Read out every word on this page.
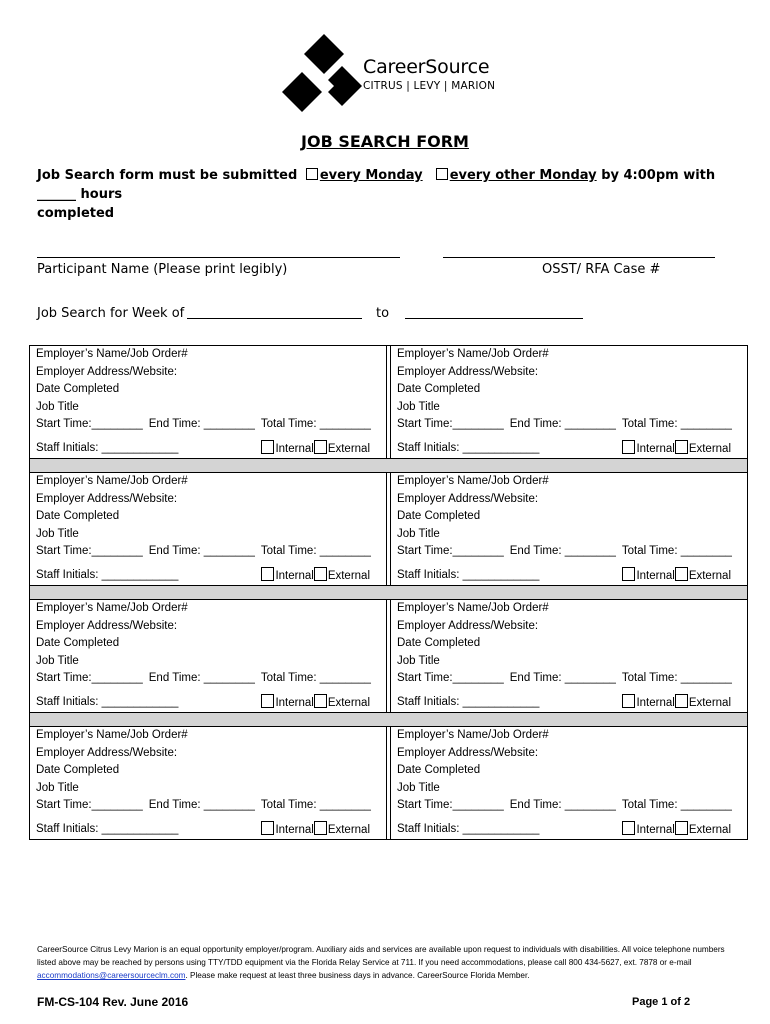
CareerSource
CITRUS | LEVY | MARION
JOB SEARCH FORM
Job Search form must be submitted every Monday every other Monday by 4:00pm with ______ hours
completed
Participant Name (Please print legibly)	OSST/ RFA Case #
Job Search for Week of	to
Employer’s Name/Job Order#
Employer Address/Website:
Date Completed
Job Title
Start Time:________ End Time: ________ Total Time: ________
Staff Initials: ____________	Internal External
Employer’s Name/Job Order#
Employer Address/Website:
Date Completed
Job Title
Start Time:________ End Time: ________ Total Time: ________
Staff Initials: ____________	Internal External
Employer’s Name/Job Order#
Employer Address/Website:
Date Completed
Job Title
Start Time:________ End Time: ________ Total Time: ________
Staff Initials: ____________	Internal External
Employer’s Name/Job Order#
Employer Address/Website:
Date Completed
Job Title
Start Time:________ End Time: ________ Total Time: ________
Staff Initials: ____________	Internal External
Employer’s Name/Job Order#
Employer Address/Website:
Date Completed
Job Title
Start Time:________ End Time: ________ Total Time: ________
Staff Initials: ____________	Internal External
Employer’s Name/Job Order#
Employer Address/Website:
Date Completed
Job Title
Start Time:________ End Time: ________ Total Time: ________
Staff Initials: ____________	Internal External
Employer’s Name/Job Order#
Employer Address/Website:
Date Completed
Job Title
Start Time:________ End Time: ________ Total Time: ________
Staff Initials: ____________	Internal External
Employer’s Name/Job Order#
Employer Address/Website:
Date Completed
Job Title
Start Time:________ End Time: ________ Total Time: ________
Staff Initials: ____________	Internal External
CareerSource Citrus Levy Marion is an equal opportunity employer/program. Auxiliary aids and services are available upon request to individuals with disabilities. All voice telephone numbers listed above may be reached by persons using TTY/TDD equipment via the Florida Relay Service at 711. If you need accommodations, please call 800 434-5627, ext. 7878 or e-mail accommodations@careersourceclm.com. Please make request at least three business days in advance. CareerSource Florida Member.
FM-CS-104 Rev. June 2016	Page 1 of 2
